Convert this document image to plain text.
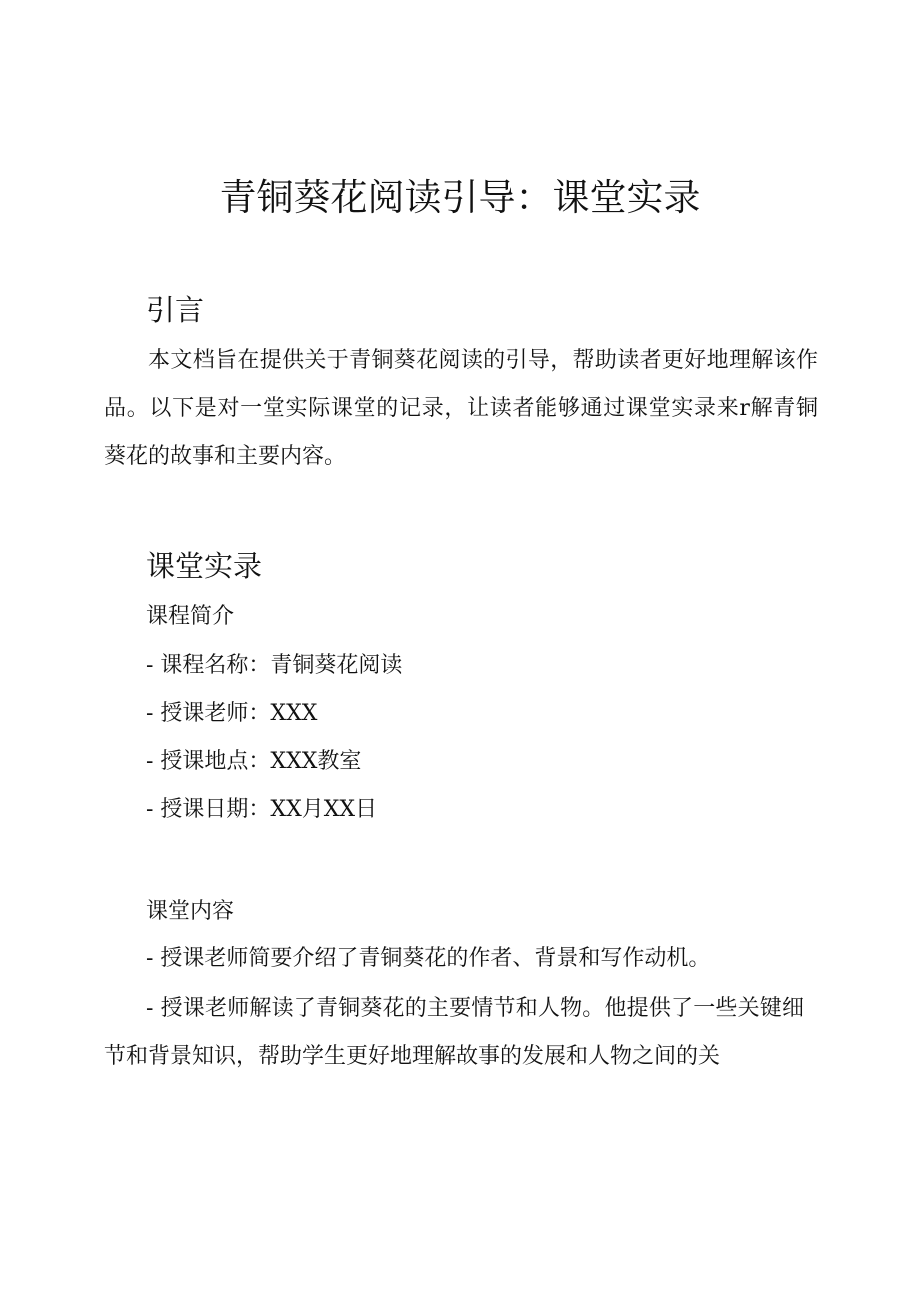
青铜葵花阅读引导：课堂实录
引言

本文档旨在提供关于青铜葵花阅读的引导，帮助读者更好地理解该作品。以下是对一堂实际课堂的记录，让读者能够通过课堂实录来r解青铜葵花的故事和主要内容。

课堂实录
课程简介

- 课程名称：青铜葵花阅读

- 授课老师：XXX

- 授课地点：XXX教室

- 授课日期：XX月XX日

课堂内容

- 授课老师简要介绍了青铜葵花的作者、背景和写作动机。

- 授课老师解读了青铜葵花的主要情节和人物。他提供了一些关键细节和背景知识，帮助学生更好地理解故事的发展和人物之间的关
